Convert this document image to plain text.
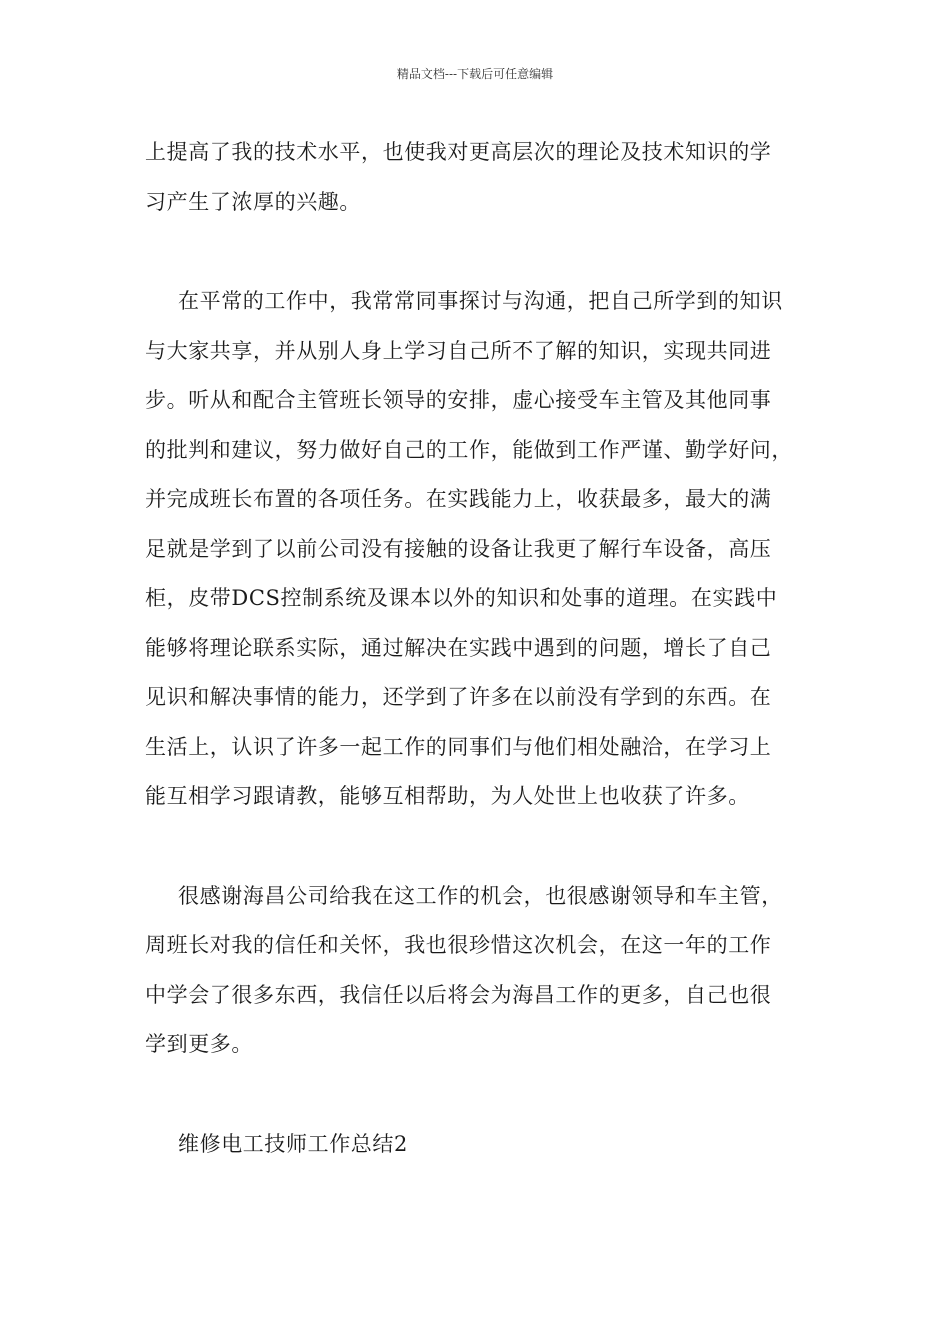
精品文档---下载后可任意编辑
上提高了我的技术水平，也使我对更高层次的理论及技术知识的学
习产生了浓厚的兴趣。
在平常的工作中，我常常同事探讨与沟通，把自己所学到的知识
与大家共享，并从别人身上学习自己所不了解的知识，实现共同进
步。听从和配合主管班长领导的安排，虚心接受车主管及其他同事
的批判和建议，努力做好自己的工作，能做到工作严谨、勤学好问，
并完成班长布置的各项任务。在实践能力上，收获最多，最大的满
足就是学到了以前公司没有接触的设备让我更了解行车设备，高压
柜，皮带DCS控制系统及课本以外的知识和处事的道理。在实践中
能够将理论联系实际，通过解决在实践中遇到的问题，增长了自己
见识和解决事情的能力，还学到了许多在以前没有学到的东西。在
生活上，认识了许多一起工作的同事们与他们相处融洽，在学习上
能互相学习跟请教，能够互相帮助，为人处世上也收获了许多。
很感谢海昌公司给我在这工作的机会，也很感谢领导和车主管，
周班长对我的信任和关怀，我也很珍惜这次机会，在这一年的工作
中学会了很多东西，我信任以后将会为海昌工作的更多，自己也很
学到更多。
维修电工技师工作总结2
